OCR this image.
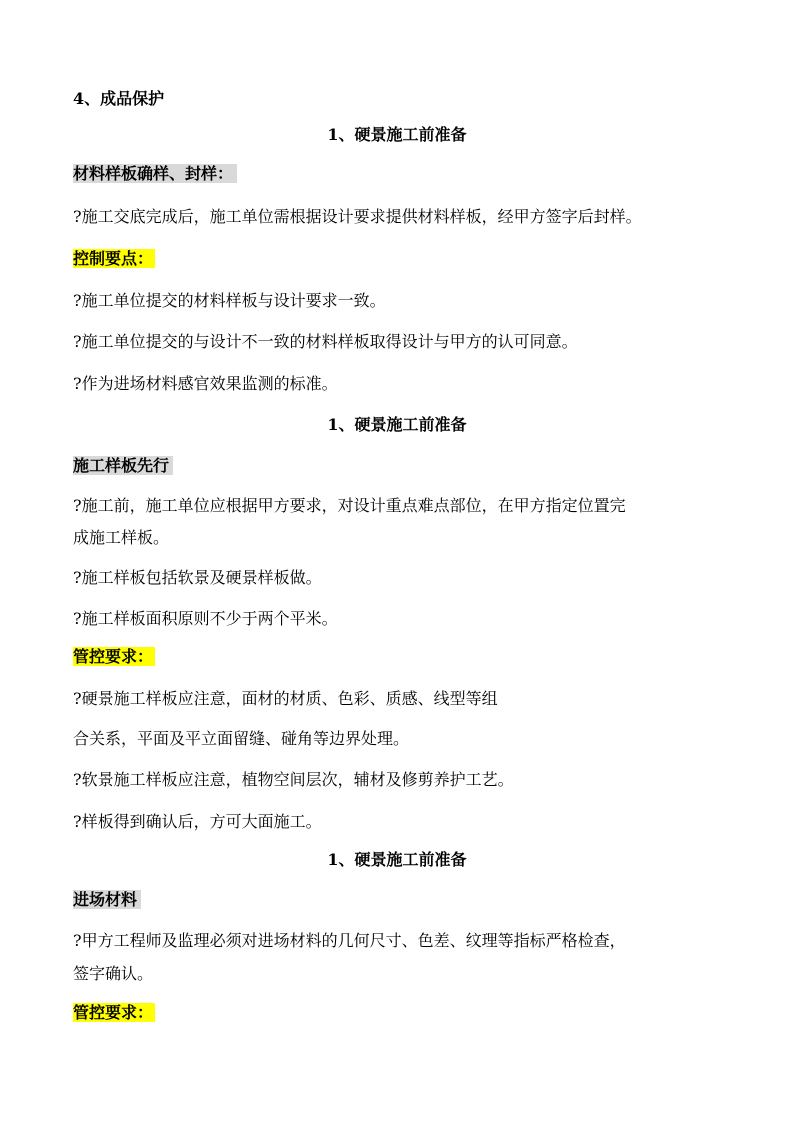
4、成品保护
1、硬景施工前准备
材料样板确样、封样：
?施工交底完成后，施工单位需根据设计要求提供材料样板，经甲方签字后封样。
控制要点：
?施工单位提交的材料样板与设计要求一致。
?施工单位提交的与设计不一致的材料样板取得设计与甲方的认可同意。
?作为进场材料感官效果监测的标准。
1、硬景施工前准备
施工样板先行
?施工前，施工单位应根据甲方要求，对设计重点难点部位，在甲方指定位置完
成施工样板。
?施工样板包括软景及硬景样板做。
?施工样板面积原则不少于两个平米。
管控要求：
?硬景施工样板应注意，面材的材质、色彩、质感、线型等组
合关系，平面及平立面留缝、碰角等边界处理。
?软景施工样板应注意，植物空间层次，辅材及修剪养护工艺。
?样板得到确认后，方可大面施工。
1、硬景施工前准备
进场材料
?甲方工程师及监理必须对进场材料的几何尺寸、色差、纹理等指标严格检查，
签字确认。
管控要求：
